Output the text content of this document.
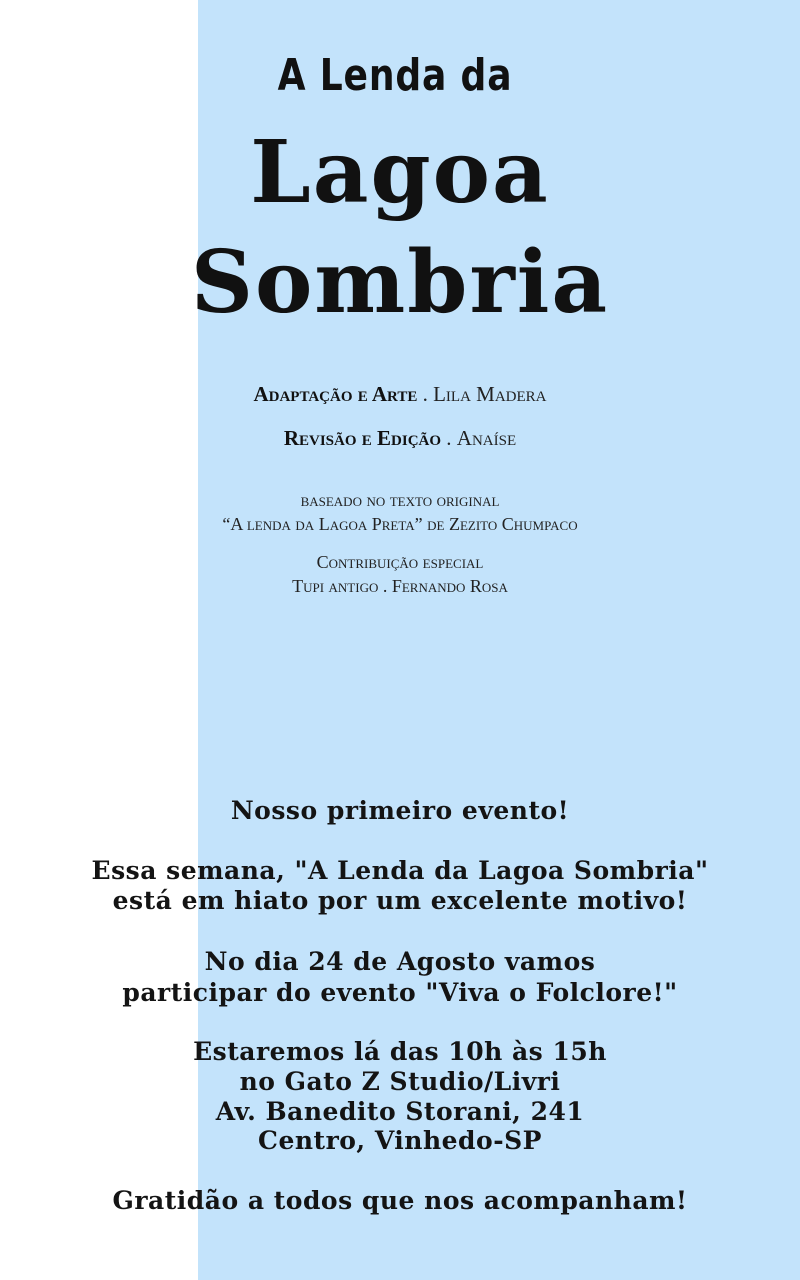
A Lenda da
Lagoa
Sombria
Adaptação e Arte . Lila Madera
Revisão e Edição . Anaíse
baseado no texto original
“A lenda da Lagoa Preta” de Zezito Chumpaco
Contribuição especial
Tupi antigo . Fernando Rosa
Nosso primeiro evento!
Essa semana, "A Lenda da Lagoa Sombria"
está em hiato por um excelente motivo!
No dia 24 de Agosto vamos
participar do evento "Viva o Folclore!"
Estaremos lá das 10h às 15h
no Gato Z Studio/Livri
Av. Banedito Storani, 241
Centro, Vinhedo-SP
Gratidão a todos que nos acompanham!
